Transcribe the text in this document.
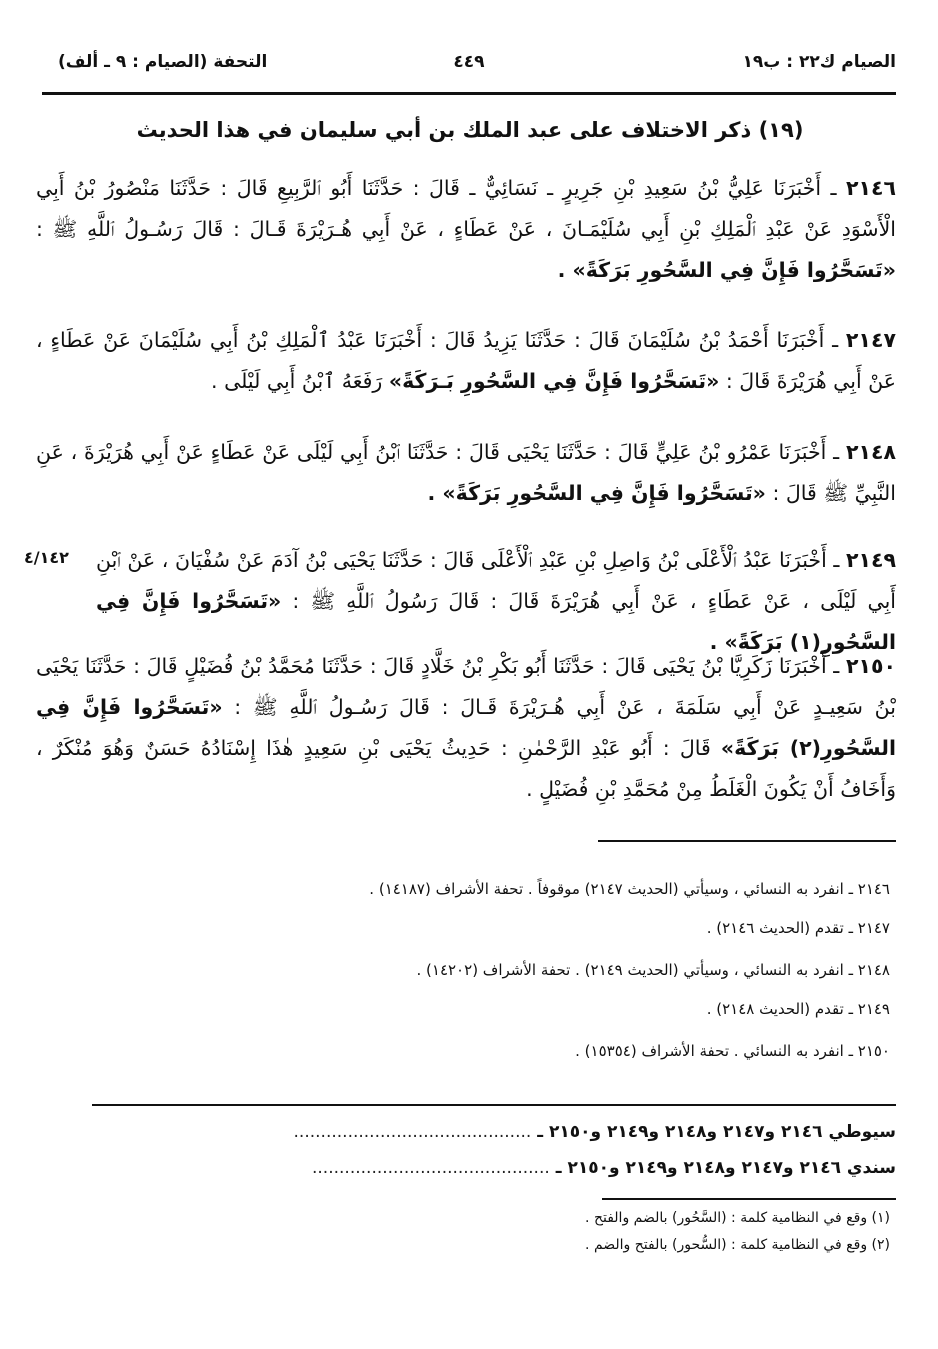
الصيام ك٢٢ : ب١٩
٤٤٩
التحفة (الصيام : ٩ ـ ألف)
(١٩) ذكر الاختلاف على عبد الملك بن أبي سليمان في هذا الحديث
٢١٤٦ ـ أَخْبَرَنَا عَلِيُّ بْنُ سَعِيدِ بْنِ جَرِيرٍ ـ نَسَائِيٌّ ـ قَالَ : حَدَّثَنَا أَبُو ٱلرَّبِيعِ قَالَ : حَدَّثَنَا مَنْصُورُ بْنُ أَبِي الْأَسْوَدِ عَنْ عَبْدِ ٱلْمَلِكِ بْنِ أَبِي سُلَيْمَـانَ ، عَنْ عَطَاءٍ ، عَنْ أَبِي هُـرَيْرَةَ قَـالَ : قَالَ رَسُـولُ ٱللَّهِ ﷺ : «تَسَحَّرُوا فَإِنَّ فِي السَّحُورِ بَرَكَةً» .
٢١٤٧ ـ أَخْبَرَنَا أَحْمَدُ بْنُ سُلَيْمَانَ قَالَ : حَدَّثَنَا يَزِيدُ قَالَ : أَخْبَرَنَا عَبْدُ ٱلْمَلِكِ بْنُ أَبِي سُلَيْمَانَ عَنْ عَطَاءٍ ، عَنْ أَبِي هُرَيْرَةَ قَالَ : «تَسَحَّرُوا فَإِنَّ فِي السَّحُورِ بَـرَكَةً» رَفَعَهُ ٱبْنُ أَبِي لَيْلَى .
٢١٤٨ ـ أَخْبَرَنَا عَمْرُو بْنُ عَلِيٍّ قَالَ : حَدَّثَنَا يَحْيَى قَالَ : حَدَّثَنَا ٱبْنُ أَبِي لَيْلَى عَنْ عَطَاءٍ عَنْ أَبِي هُرَيْرَةَ ، عَنِ النَّبِيِّ ﷺ قَالَ : «تَسَحَّرُوا فَإِنَّ فِي السَّحُورِ بَرَكَةً» .
٤/١٤٢	٢١٤٩ ـ أَخْبَرَنَا عَبْدُ ٱلْأَعْلَى بْنُ وَاصِلِ بْنِ عَبْدِ ٱلْأَعْلَى قَالَ : حَدَّثَنَا يَحْيَى بْنُ آدَمَ عَنْ سُفْيَانَ ، عَنْ ٱبْنِ أَبِي لَيْلَى ، عَنْ عَطَاءٍ ، عَنْ أَبِي هُرَيْرَةَ قَالَ : قَالَ رَسُولُ ٱللَّهِ ﷺ : «تَسَحَّرُوا فَإِنَّ فِي السَّحُورِ(١) بَرَكَةً» .
٢١٥٠ ـ أَخْبَرَنَا زَكَرِيَّا بْنُ يَحْيَى قَالَ : حَدَّثَنَا أَبُو بَكْرِ بْنُ خَلَّادٍ قَالَ : حَدَّثَنَا مُحَمَّدُ بْنُ فُضَيْلٍ قَالَ : حَدَّثَنَا يَحْيَى بْنُ سَعِيـدٍ عَنْ أَبِي سَلَمَةَ ، عَنْ أَبِي هُـرَيْرَةَ قَـالَ : قَالَ رَسُـولُ ٱللَّهِ ﷺ : «تَسَحَّرُوا فَإِنَّ فِي السَّحُورِ(٢) بَرَكَةً» قَالَ : أَبُو عَبْدِ الرَّحْمٰنِ : حَدِيثُ يَحْيَى بْنِ سَعِيدٍ هٰذَا إِسْنَادُهُ حَسَنٌ وَهُوَ مُنْكَرٌ ، وَأَخَافُ أَنْ يَكُونَ الْغَلَطُ مِنْ مُحَمَّدِ بْنِ فُضَيْلٍ .
٢١٤٦ ـ انفرد به النسائي ، وسيأتي (الحديث ٢١٤٧) موقوفاً . تحفة الأشراف (١٤١٨٧) .
٢١٤٧ ـ تقدم (الحديث ٢١٤٦) .
٢١٤٨ ـ انفرد به النسائي ، وسيأتي (الحديث ٢١٤٩) . تحفة الأشراف (١٤٢٠٢) .
٢١٤٩ ـ تقدم (الحديث ٢١٤٨) .
٢١٥٠ ـ انفرد به النسائي . تحفة الأشراف (١٥٣٥٤) .
سيوطي ٢١٤٦ و٢١٤٧ و٢١٤٨ و٢١٤٩ و٢١٥٠ ـ ............................................
سندي ٢١٤٦ و٢١٤٧ و٢١٤٨ و٢١٤٩ و٢١٥٠ ـ ............................................
(١) وقع في النظامية كلمة : (السَّحُور) بالضم والفتح .
(٢) وقع في النظامية كلمة : (السُّحور) بالفتح والضم .
